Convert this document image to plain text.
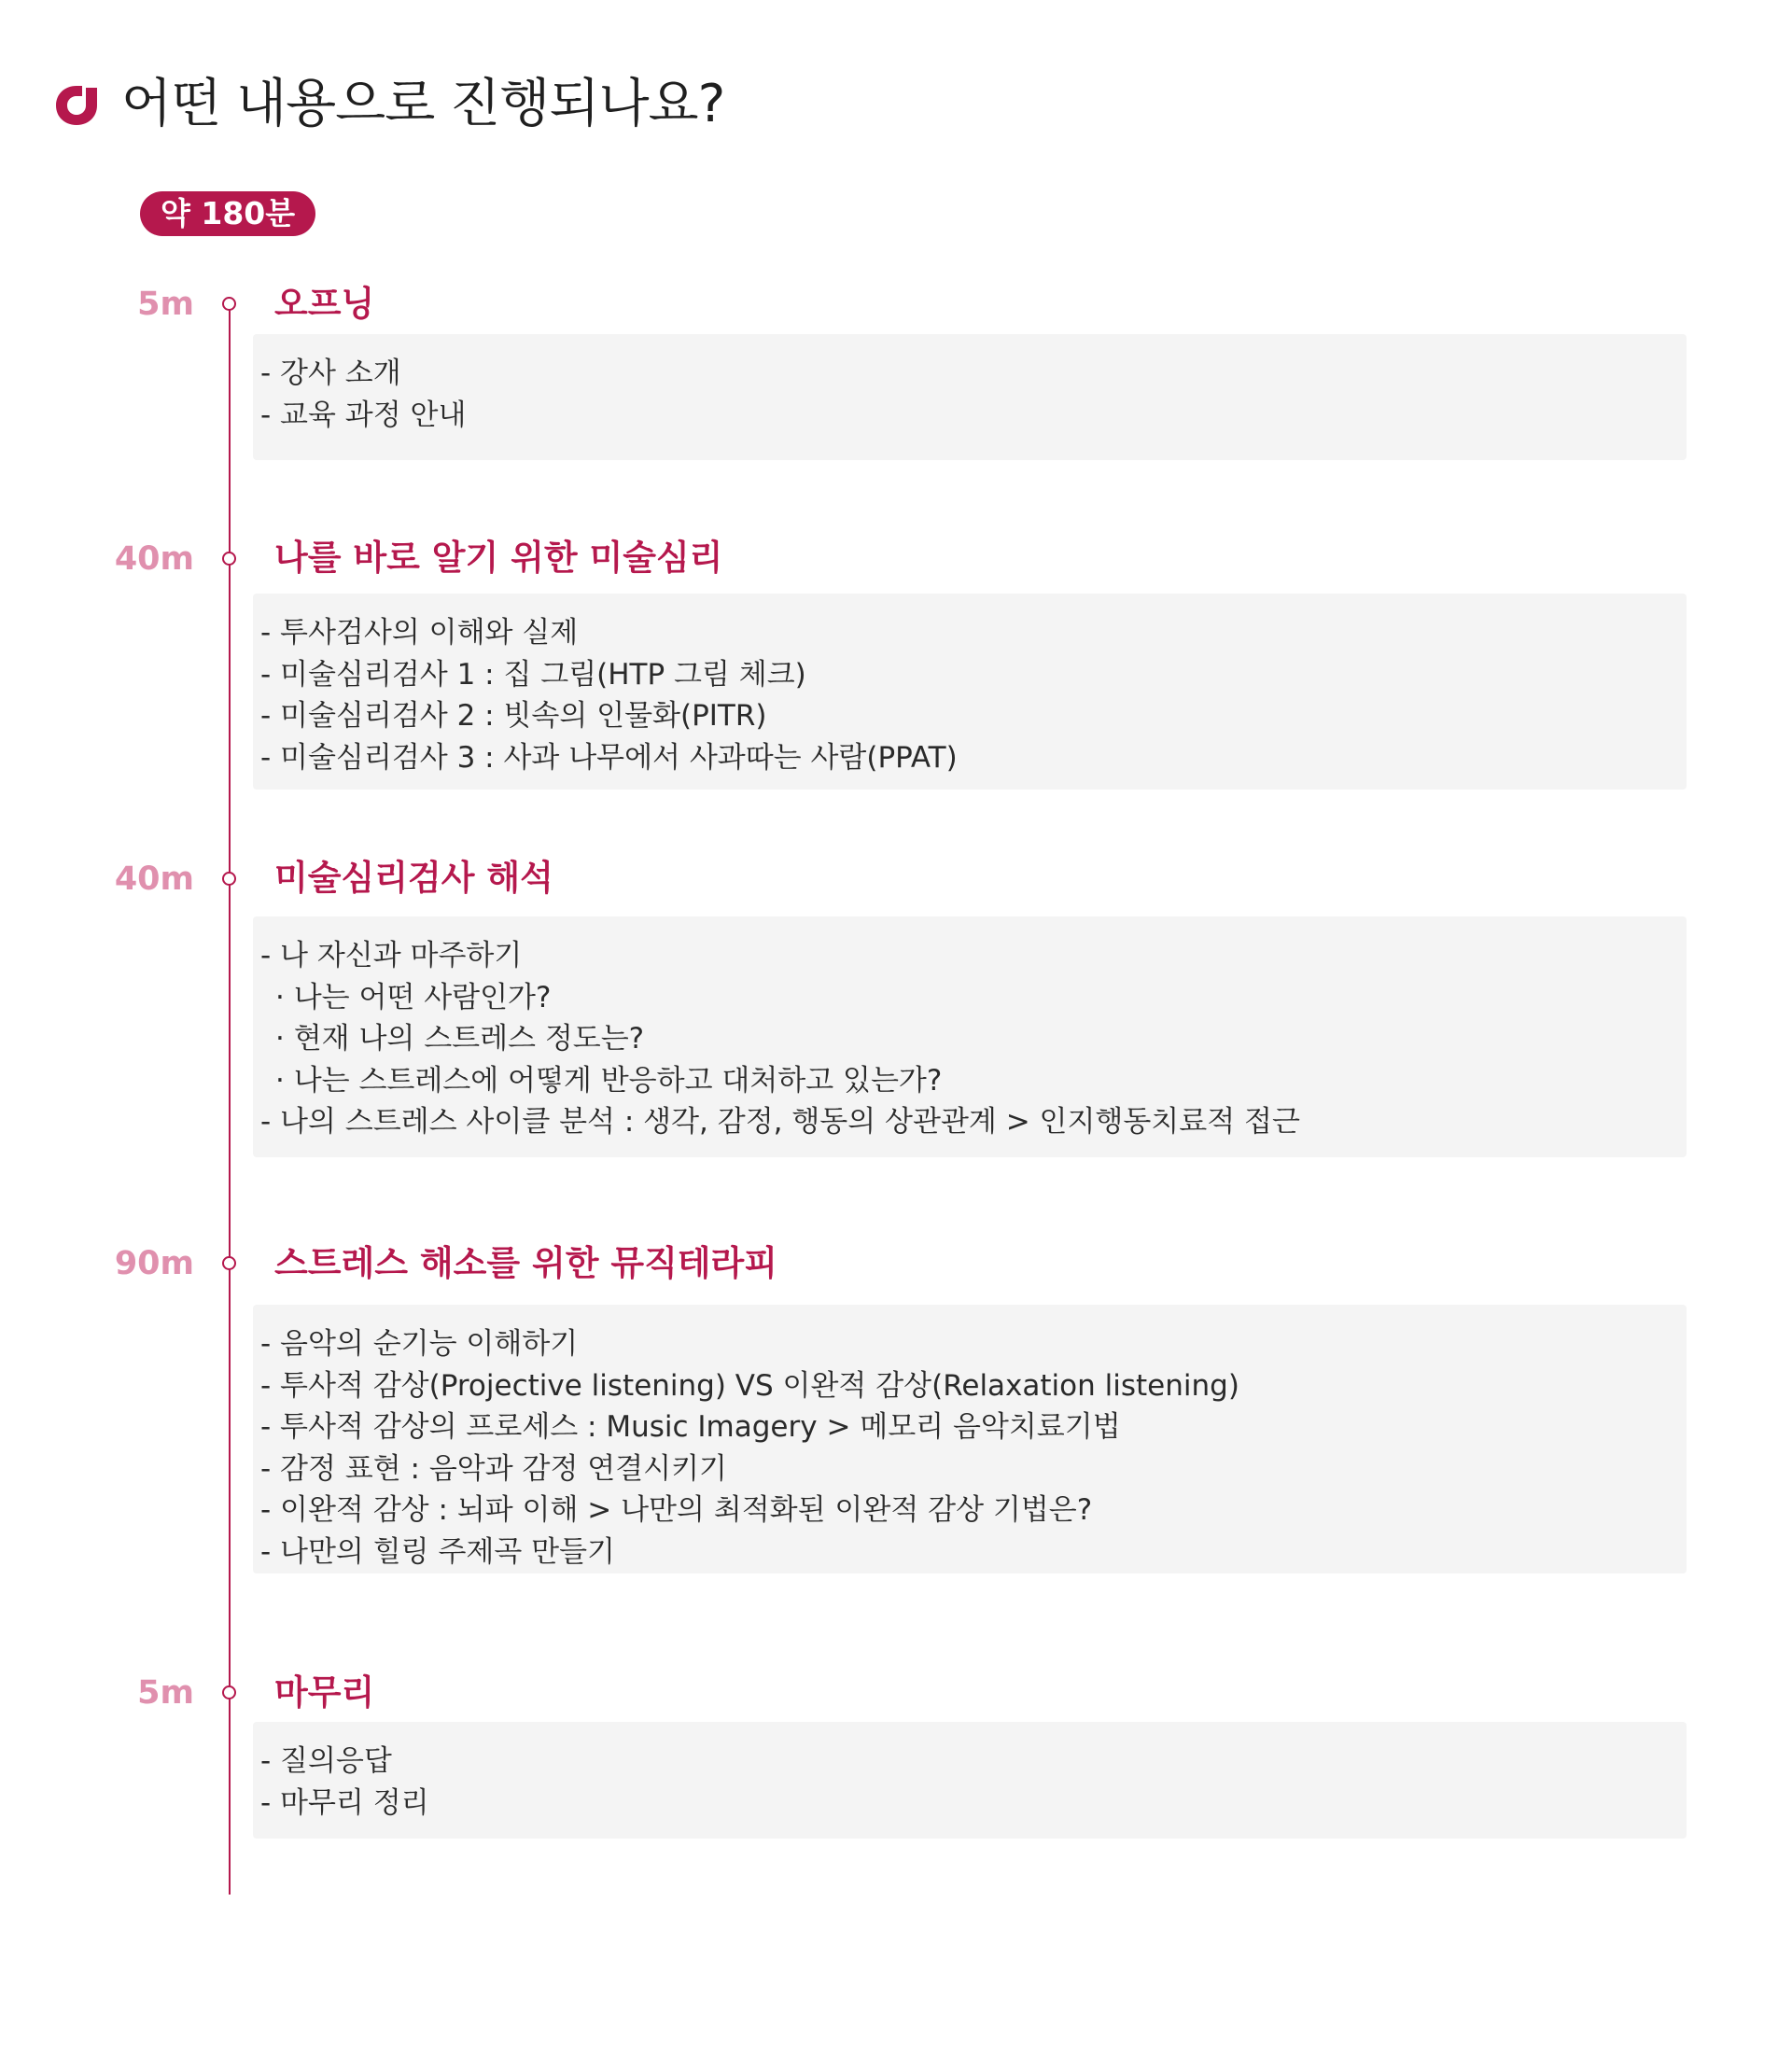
어떤 내용으로 진행되나요?
약 180분
5m 오프닝
- 강사 소개
- 교육 과정 안내
40m 나를 바로 알기 위한 미술심리
- 투사검사의 이해와 실제
- 미술심리검사 1 : 집 그림(HTP 그림 체크)
- 미술심리검사 2 : 빗속의 인물화(PITR)
- 미술심리검사 3 : 사과 나무에서 사과따는 사람(PPAT)
40m 미술심리검사 해석
- 나 자신과 마주하기
· 나는 어떤 사람인가?
· 현재 나의 스트레스 정도는?
· 나는 스트레스에 어떻게 반응하고 대처하고 있는가?
- 나의 스트레스 사이클 분석 : 생각, 감정, 행동의 상관관계 > 인지행동치료적 접근
90m 스트레스 해소를 위한 뮤직테라피
- 음악의 순기능 이해하기
- 투사적 감상(Projective listening) VS 이완적 감상(Relaxation listening)
- 투사적 감상의 프로세스 : Music Imagery > 메모리 음악치료기법
- 감정 표현 : 음악과 감정 연결시키기
- 이완적 감상 : 뇌파 이해 > 나만의 최적화된 이완적 감상 기법은?
- 나만의 힐링 주제곡 만들기
5m 마무리
- 질의응답
- 마무리 정리
